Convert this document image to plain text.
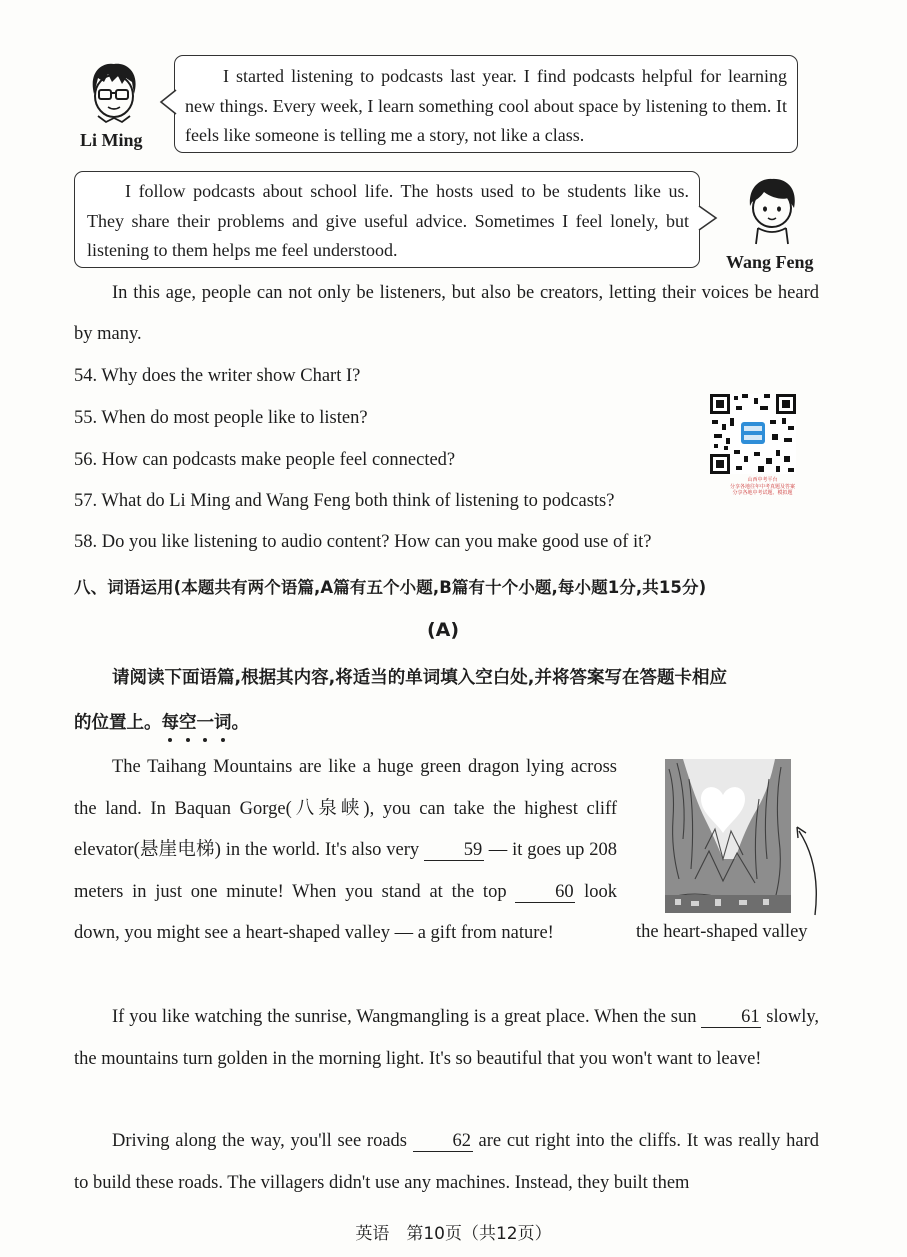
Li Ming

I started listening to podcasts last year. I find podcasts helpful for learning new things. Every week, I learn something cool about space by listening to them. It feels like someone is telling me a story, not like a class.

I follow podcasts about school life. The hosts used to be students like us. They share their problems and give useful advice. Sometimes I feel lonely, but listening to them helps me feel understood.

Wang Feng
In this age, people can not only be listeners, but also be creators, letting their voices be heard by many.
54. Why does the writer show Chart I?
55. When do most people like to listen?
56. How can podcasts make people feel connected?
57. What do Li Ming and Wang Feng both think of listening to podcasts?
58. Do you like listening to audio content? How can you make good use of it?
山西中考平台
分享各地往年中考真题及答案
分享各地中考试题、模拟题
八、词语运用(本题共有两个语篇,A篇有五个小题,B篇有十个小题,每小题1分,共15分)
(A)
请阅读下面语篇,根据其内容,将适当的单词填入空白处,并将答案写在答题卡相应
的位置上。每空一词。
The Taihang Mountains are like a huge green dragon lying across the land. In Baquan Gorge(八泉峡), you can take the highest cliff elevator(悬崖电梯) in the world. It's also very 59 — it goes up 208 meters in just one minute! When you stand at the top	60 look down, you might see a heart-shaped valley — a gift from nature!	the heart-shaped valley
If you like watching the sunrise, Wangmangling is a great place. When the sun 61 slowly, the mountains turn golden in the morning light. It's so beautiful that you won't want to leave!
Driving along the way, you'll see roads 62 are cut right into the cliffs. It was really hard to build these roads. The villagers didn't use any machines. Instead, they built them
英语　第10页（共12页）
